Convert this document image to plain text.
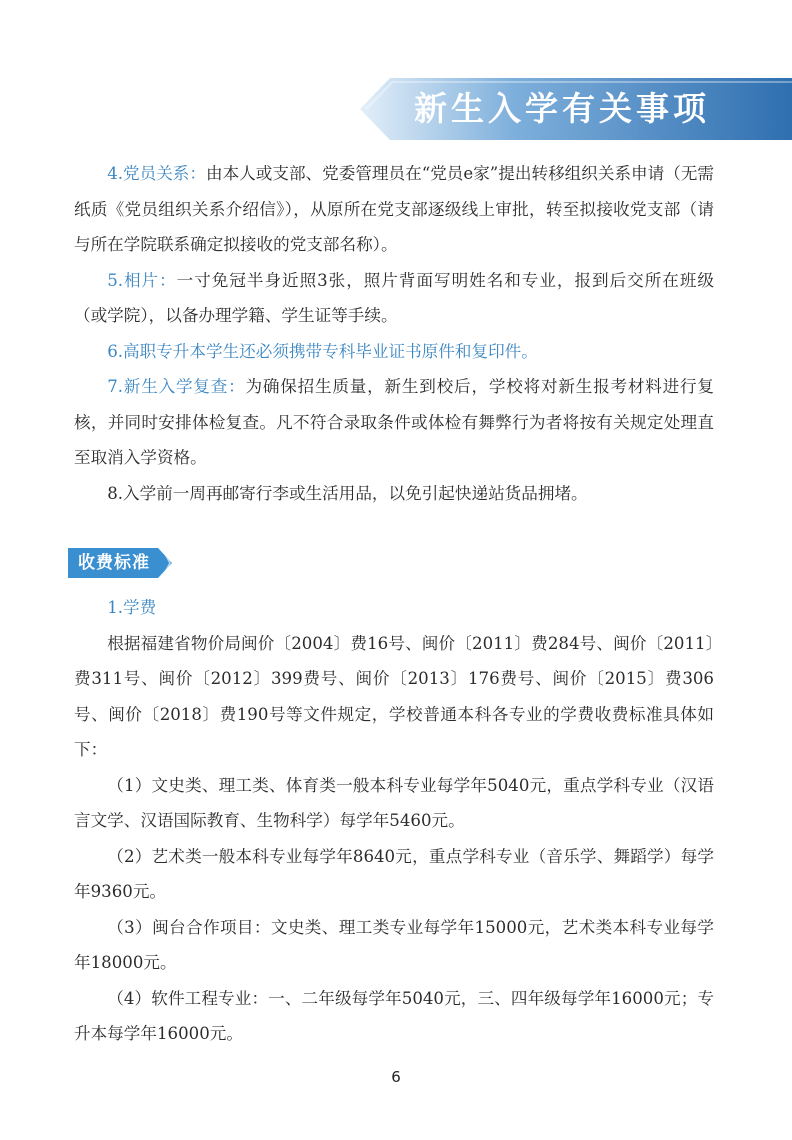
新生入学有关事项

4.党员关系：由本人或支部、党委管理员在“党员e家”提出转移组织关系申请（无需纸质《党员组织关系介绍信》），从原所在党支部逐级线上审批，转至拟接收党支部（请与所在学院联系确定拟接收的党支部名称）。

5.相片：一寸免冠半身近照3张，照片背面写明姓名和专业，报到后交所在班级（或学院），以备办理学籍、学生证等手续。

6.高职专升本学生还必须携带专科毕业证书原件和复印件。

7.新生入学复查：为确保招生质量，新生到校后，学校将对新生报考材料进行复核，并同时安排体检复查。凡不符合录取条件或体检有舞弊行为者将按有关规定处理直至取消入学资格。

8.入学前一周再邮寄行李或生活用品，以免引起快递站货品拥堵。

收费标准

1.学费

根据福建省物价局闽价〔2004〕费16号、闽价〔2011〕费284号、闽价〔2011〕费311号、闽价〔2012〕399费号、闽价〔2013〕176费号、闽价〔2015〕费306号、闽价〔2018〕费190号等文件规定，学校普通本科各专业的学费收费标准具体如下：

（1）文史类、理工类、体育类一般本科专业每学年5040元，重点学科专业（汉语言文学、汉语国际教育、生物科学）每学年5460元。

（2）艺术类一般本科专业每学年8640元，重点学科专业（音乐学、舞蹈学）每学年9360元。

（3）闽台合作项目：文史类、理工类专业每学年15000元，艺术类本科专业每学年18000元。

（4）软件工程专业：一、二年级每学年5040元，三、四年级每学年16000元；专升本每学年16000元。

6
